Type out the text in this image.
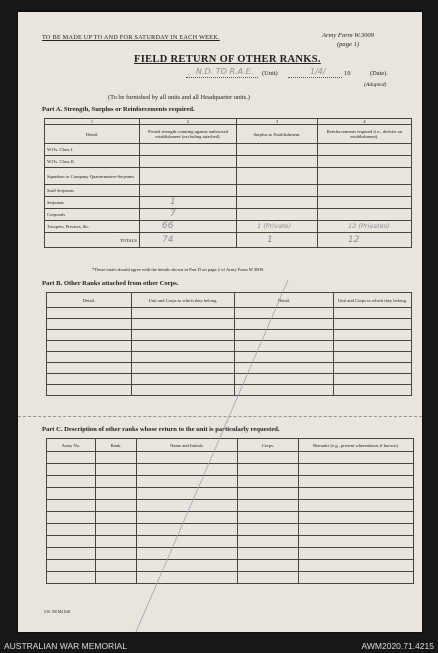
TO BE MADE UP TO AND FOR SATURDAY IN EACH WEEK.	Army Form W.3009
(page 1)
FIELD RETURN OF OTHER RANKS.
(Unit)	19	(Date).
N.D. TO R.A.E.	1/4/
(Adapted)
(To be furnished by all units and all Headquarter units.)
Part A. Strength, Surplus or Reinforcements required.
1	2	3	4
Detail.	Posted strength counting against authorised establishment (excluding attached).	Surplus to Establishment.	Reinforcements required (i.e., deficits on establishment).
W.Os. Class I.			
W.Os. Class II.			
Squadron or Company Quartermaster-Serjeants			
Staff Serjeants			
Serjeants	1		

Corporals	7		

Troopers, Privates, &c.	66	1 (Private)	12 (Privates)

TOTALS	74	1	12
*These totals should agree with the details shown in Part D on page 2 of Army Form W.3009.
Part B. Other Ranks attached from other Corps.
Detail.	Unit and Corps to which they belong.	Detail.	Unit and Corps to which they belong.

Part C. Description of other ranks whose return to the unit is particularly requested.
Army No.	Rank.	Name and Initials.	Corps.	Remarks (e.g., present whereabouts if known).

S.W. 350 M4 8/46
AUSTRALIAN WAR MEMORIAL	AWM2020.71.4215
